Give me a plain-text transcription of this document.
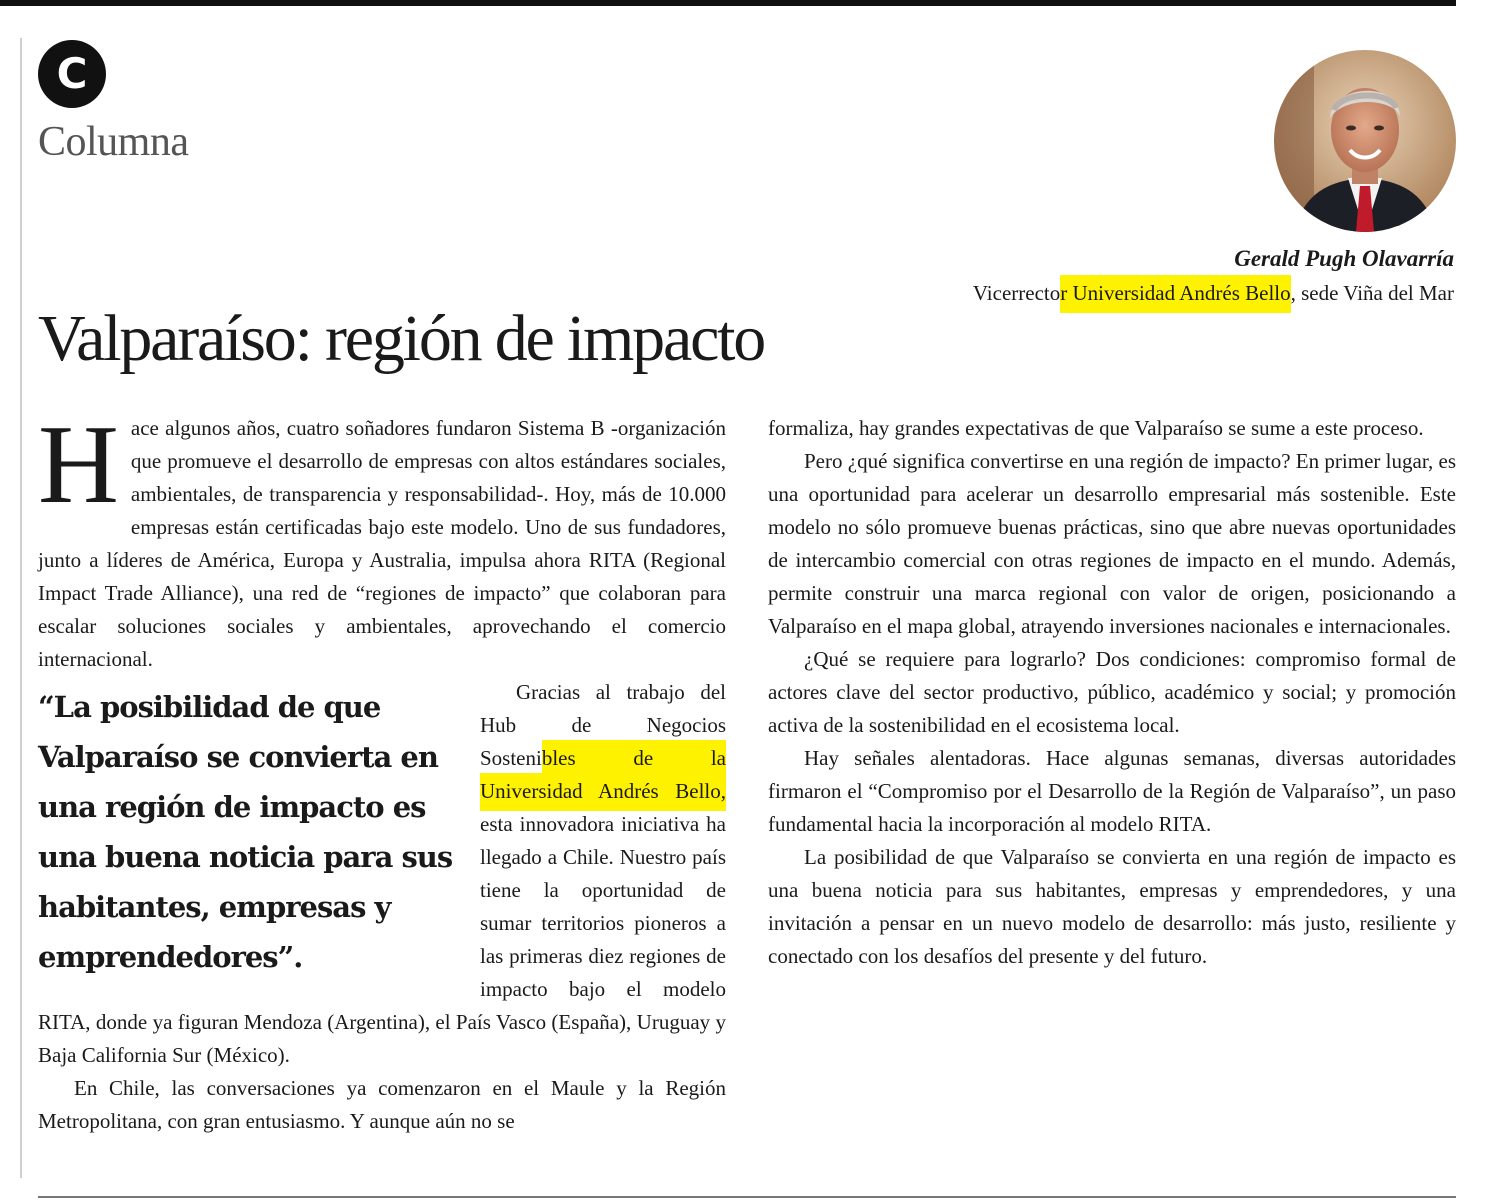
C
Columna
Gerald Pugh Olavarría
Vicerrector Universidad Andrés Bello, sede Viña del Mar
Valparaíso: región de impacto

Hace algunos años, cuatro soñadores fundaron Sistema B -organización que promueve el desarrollo de empresas con altos estándares sociales, ambientales, de transparencia y responsabilidad-. Hoy, más de 10.000 empresas están certificadas bajo este modelo. Uno de sus fundadores, junto a líderes de América, Europa y Australia, impulsa ahora RITA (Regional Impact Trade Alliance), una red de “regiones de impacto” que colaboran para escalar soluciones sociales y ambientales, aprovechando el comercio internacional.

“La posibilidad de que Valparaíso se convierta en una región de impacto es una buena noticia para sus habitantes, empresas y emprendedores”.

Gracias al trabajo del Hub de Negocios Sostenibles de la Universidad Andrés Bello, esta innovadora iniciativa ha llegado a Chile. Nuestro país tiene la oportunidad de sumar territorios pioneros a las primeras diez regiones de impacto bajo el modelo RITA, donde ya figuran Mendoza (Argentina), el País Vasco (España), Uruguay y Baja California Sur (México).

En Chile, las conversaciones ya comenzaron en el Maule y la Región Metropolitana, con gran entusiasmo. Y aunque aún no se

formaliza, hay grandes expectativas de que Valparaíso se sume a este proceso.

Pero ¿qué significa convertirse en una región de impacto? En primer lugar, es una oportunidad para acelerar un desarrollo empresarial más sostenible. Este modelo no sólo promueve buenas prácticas, sino que abre nuevas oportunidades de intercambio comercial con otras regiones de impacto en el mundo. Además, permite construir una marca regional con valor de origen, posicionando a Valparaíso en el mapa global, atrayendo inversiones nacionales e internacionales.

¿Qué se requiere para lograrlo? Dos condiciones: compromiso formal de actores clave del sector productivo, público, académico y social; y promoción activa de la sostenibilidad en el ecosistema local.

Hay señales alentadoras. Hace algunas semanas, diversas autoridades firmaron el “Compromiso por el Desarrollo de la Región de Valparaíso”, un paso fundamental hacia la incorporación al modelo RITA.

La posibilidad de que Valparaíso se convierta en una región de impacto es una buena noticia para sus habitantes, empresas y emprendedores, y una invitación a pensar en un nuevo modelo de desarrollo: más justo, resiliente y conectado con los desafíos del presente y del futuro.
